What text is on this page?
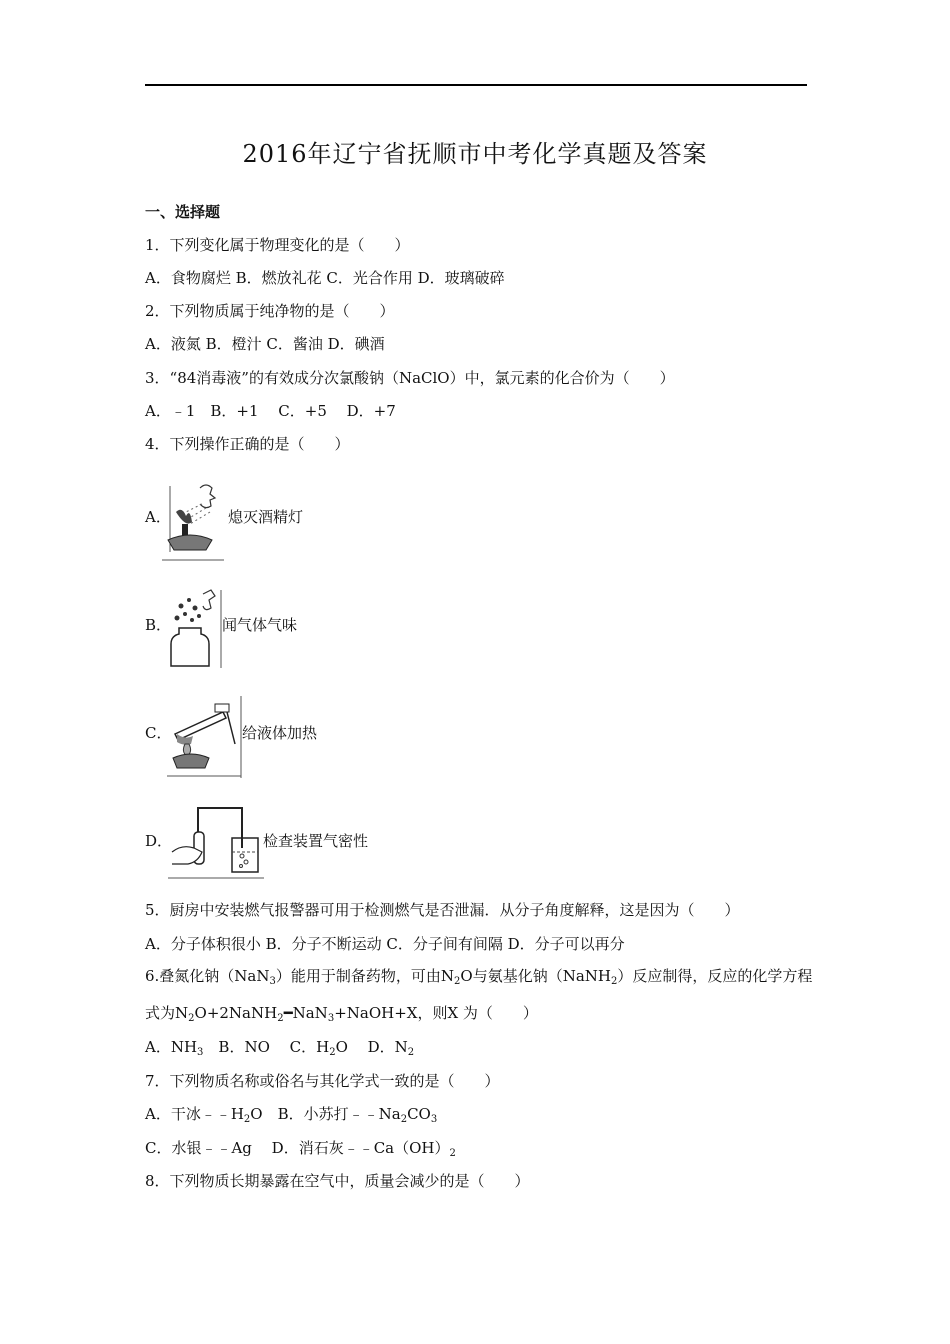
2016年辽宁省抚顺市中考化学真题及答案
一、选择题
1．下列变化属于物理变化的是（　　）
A．食物腐烂 B．燃放礼花 C．光合作用 D．玻璃破碎
2．下列物质属于纯净物的是（　　）
A．液氮 B．橙汁 C．酱油 D．碘酒
3．“84消毒液”的有效成分次氯酸钠（NaClO）中，氯元素的化合价为（　　）
A．﹣1　B．+1　 C．+5　 D．+7
4．下列操作正确的是（　　）
A．	熄灭酒精灯
B．	闻气体气味
C．	给液体加热
D．	检查装置气密性
5．厨房中安装燃气报警器可用于检测燃气是否泄漏．从分子角度解释，这是因为（　　）
A．分子体积很小 B．分子不断运动 C．分子间有间隔 D．分子可以再分
6.叠氮化钠（NaN$_3$）能用于制备药物，可由$N_2O$与氨基化钠（NaNH$_2$）反应制得，反应的化学方程
式为$N_2O+2NaNH_2━NaN_3+NaOH+X$，则X 为（　　）
A．$NH_3$　B．NO　 C．$H_2O$　 D．$N_2$
7．下列物质名称或俗名与其化学式一致的是（　　）
A．干冰$﹣﹣H_2O$　B．小苏打$﹣﹣Na_2CO_3$
C．水银﹣﹣Ag　 D．消石灰$﹣﹣Ca(OH)_2$
8．下列物质长期暴露在空气中，质量会减少的是（　　）
